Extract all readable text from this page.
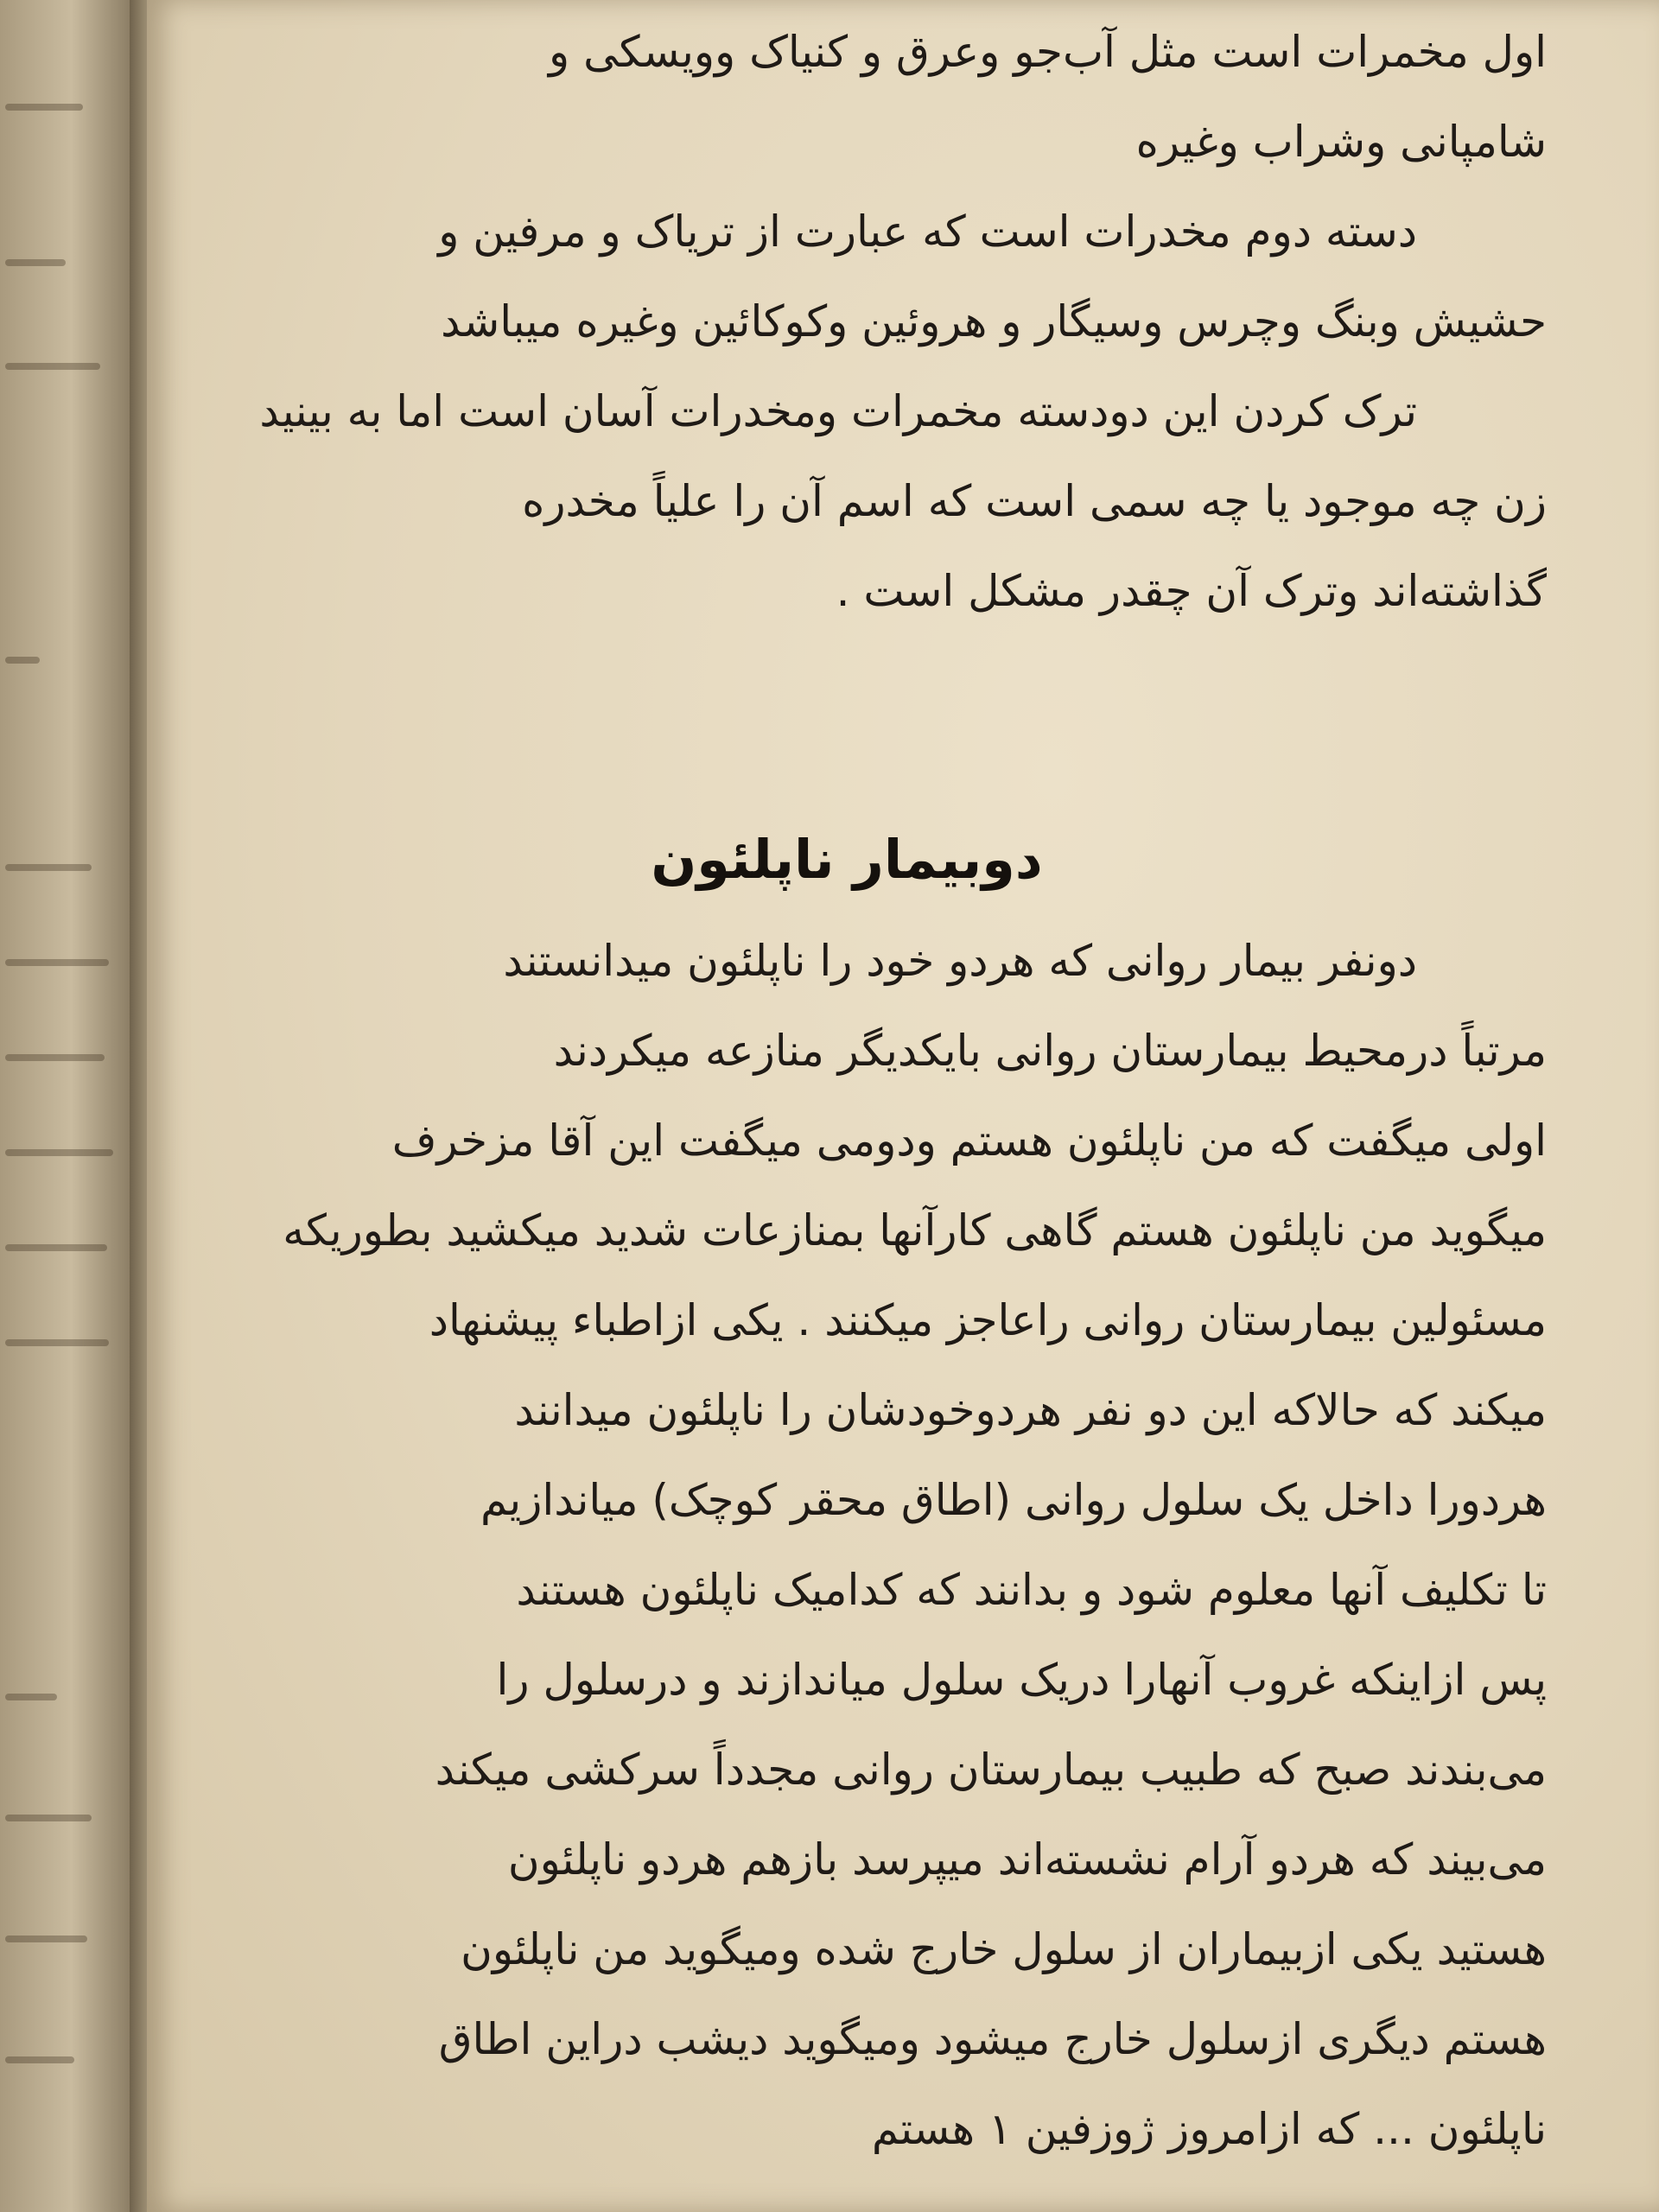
اول مخمرات است مثل آب‌جو وعرق و کنیاک وویسکی و
شامپانی وشراب وغیره
دسته دوم مخدرات است که عبارت از تریاک و مرفین و
حشیش وبنگ وچرس وسیگار و هروئین وکوکائین وغیره میباشد
ترک کردن این دودسته مخمرات ومخدرات آسان است اما به بینید
زن چه موجود یا چه سمی است که اسم آن را علیاً مخدره
گذاشته‌اند وترک آن چقدر مشکل است .
دوبیمار ناپلئون
دونفر بیمار روانی که هردو خود را ناپلئون میدانستند
مرتباً درمحیط بیمارستان روانی بایکدیگر منازعه میکردند
اولی میگفت که من ناپلئون هستم ودومی میگفت این آقا مزخرف
میگوید من ناپلئون هستم گاهی کارآنها بمنازعات شدید میکشید بطوریکه
مسئولین بیمارستان روانی راعاجز میکنند . یکی ازاطباء پیشنهاد
میکند که حالاکه این دو نفر هردوخودشان را ناپلئون میدانند
هردورا داخل یک سلول روانی (اطاق محقر کوچک) میاندازیم
تا تکلیف آنها معلوم شود و بدانند که کدامیک ناپلئون هستند
پس ازاینکه غروب آنهارا دریک سلول میاندازند و درسلول را
می‌بندند صبح که طبیب بیمارستان روانی مجدداً سرکشی میکند
می‌بیند که هردو آرام نشسته‌اند میپرسد بازهم هردو ناپلئون
هستید یکی ازبیماران از سلول خارج شده ومیگوید من ناپلئون
هستم دیگری ازسلول خارج میشود ومیگوید دیشب دراین اطاق
ناپلئون ... که ازامروز ژوزفین ۱ هستم
